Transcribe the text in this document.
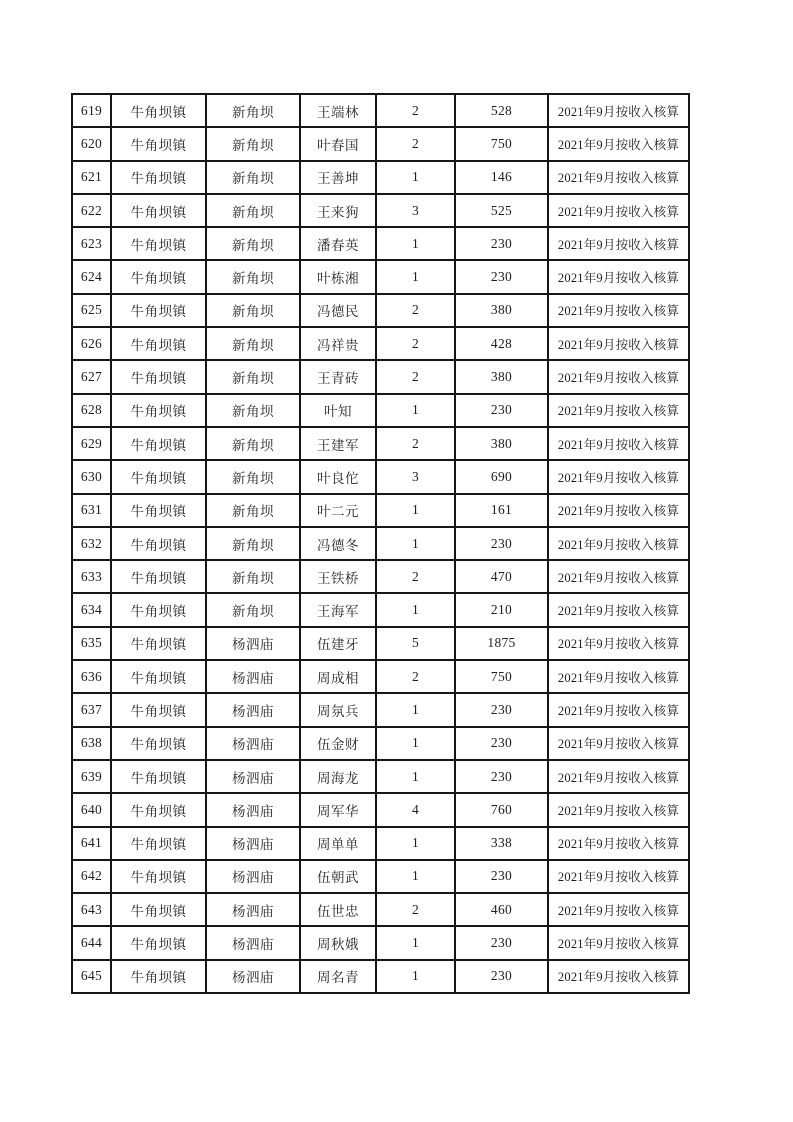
619	牛角坝镇	新角坝	王端林	2	528	2021年9月按收入核算
620	牛角坝镇	新角坝	叶春国	2	750	2021年9月按收入核算
621	牛角坝镇	新角坝	王善坤	1	146	2021年9月按收入核算
622	牛角坝镇	新角坝	王来狗	3	525	2021年9月按收入核算
623	牛角坝镇	新角坝	潘春英	1	230	2021年9月按收入核算
624	牛角坝镇	新角坝	叶栋湘	1	230	2021年9月按收入核算
625	牛角坝镇	新角坝	冯德民	2	380	2021年9月按收入核算
626	牛角坝镇	新角坝	冯祥贵	2	428	2021年9月按收入核算
627	牛角坝镇	新角坝	王青砖	2	380	2021年9月按收入核算
628	牛角坝镇	新角坝	叶知	1	230	2021年9月按收入核算
629	牛角坝镇	新角坝	王建军	2	380	2021年9月按收入核算
630	牛角坝镇	新角坝	叶良佗	3	690	2021年9月按收入核算
631	牛角坝镇	新角坝	叶二元	1	161	2021年9月按收入核算
632	牛角坝镇	新角坝	冯德冬	1	230	2021年9月按收入核算
633	牛角坝镇	新角坝	王铁桥	2	470	2021年9月按收入核算
634	牛角坝镇	新角坝	王海军	1	210	2021年9月按收入核算
635	牛角坝镇	杨泗庙	伍建牙	5	1875	2021年9月按收入核算
636	牛角坝镇	杨泗庙	周成相	2	750	2021年9月按收入核算
637	牛角坝镇	杨泗庙	周氛兵	1	230	2021年9月按收入核算
638	牛角坝镇	杨泗庙	伍金财	1	230	2021年9月按收入核算
639	牛角坝镇	杨泗庙	周海龙	1	230	2021年9月按收入核算
640	牛角坝镇	杨泗庙	周军华	4	760	2021年9月按收入核算
641	牛角坝镇	杨泗庙	周单单	1	338	2021年9月按收入核算
642	牛角坝镇	杨泗庙	伍朝武	1	230	2021年9月按收入核算
643	牛角坝镇	杨泗庙	伍世忠	2	460	2021年9月按收入核算
644	牛角坝镇	杨泗庙	周秋娥	1	230	2021年9月按收入核算
645	牛角坝镇	杨泗庙	周名青	1	230	2021年9月按收入核算
